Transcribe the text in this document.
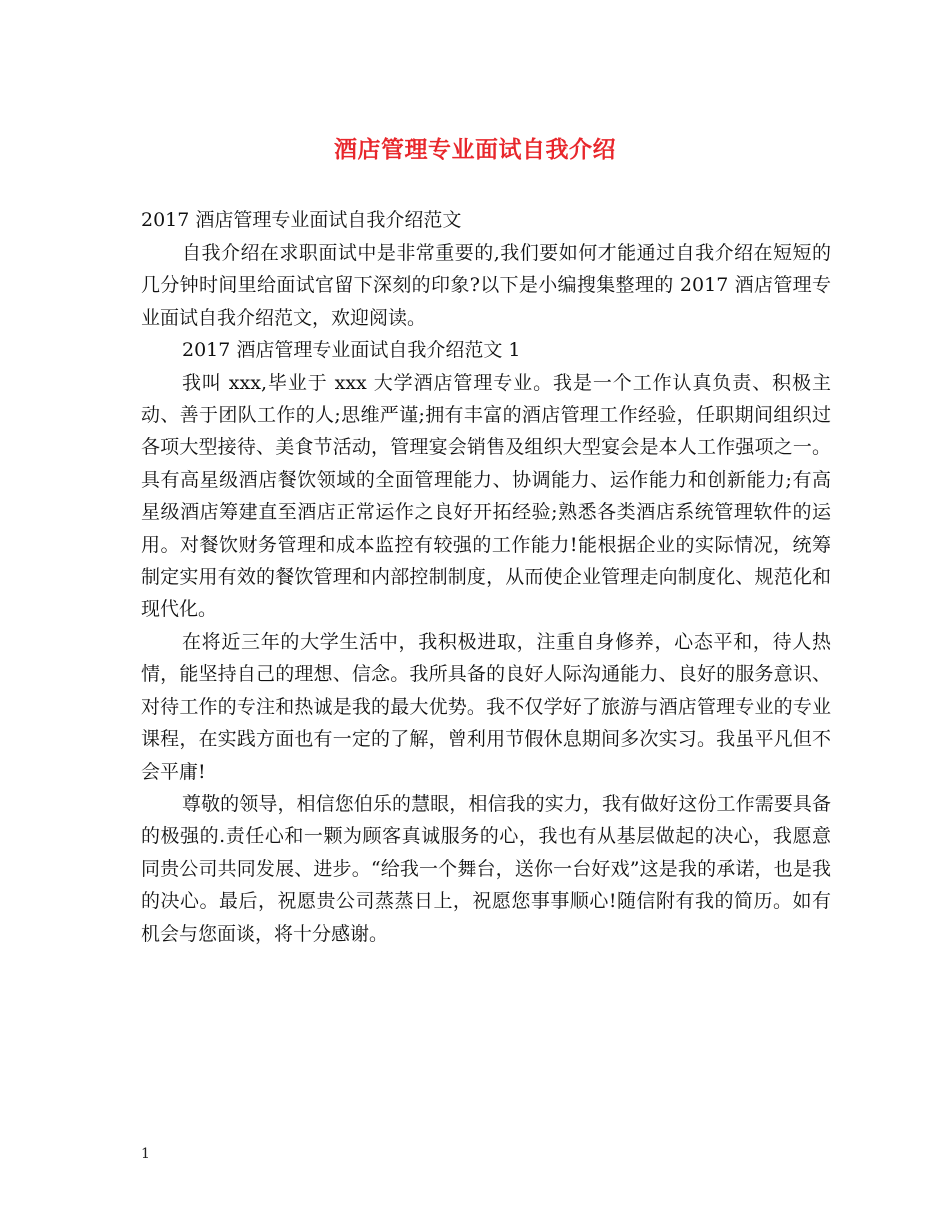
酒店管理专业面试自我介绍
2017 酒店管理专业面试自我介绍范文

自我介绍在求职面试中是非常重要的,我们要如何才能通过自我介绍在短短的几分钟时间里给面试官留下深刻的印象?以下是小编搜集整理的 2017 酒店管理专业面试自我介绍范文，欢迎阅读。

2017 酒店管理专业面试自我介绍范文 1

我叫 xxx,毕业于 xxx 大学酒店管理专业。我是一个工作认真负责、积极主动、善于团队工作的人;思维严谨;拥有丰富的酒店管理工作经验，任职期间组织过各项大型接待、美食节活动，管理宴会销售及组织大型宴会是本人工作强项之一。具有高星级酒店餐饮领域的全面管理能力、协调能力、运作能力和创新能力;有高星级酒店筹建直至酒店正常运作之良好开拓经验;熟悉各类酒店系统管理软件的运用。对餐饮财务管理和成本监控有较强的工作能力!能根据企业的实际情况，统筹制定实用有效的餐饮管理和内部控制制度，从而使企业管理走向制度化、规范化和现代化。

在将近三年的大学生活中，我积极进取，注重自身修养，心态平和，待人热情，能坚持自己的理想、信念。我所具备的良好人际沟通能力、良好的服务意识、对待工作的专注和热诚是我的最大优势。我不仅学好了旅游与酒店管理专业的专业课程，在实践方面也有一定的了解，曾利用节假休息期间多次实习。我虽平凡但不会平庸!

尊敬的领导，相信您伯乐的慧眼，相信我的实力，我有做好这份工作需要具备的极强的.责任心和一颗为顾客真诚服务的心，我也有从基层做起的决心，我愿意同贵公司共同发展、进步。“给我一个舞台，送你一台好戏”这是我的承诺，也是我的决心。最后，祝愿贵公司蒸蒸日上，祝愿您事事顺心!随信附有我的简历。如有机会与您面谈，将十分感谢。

1
